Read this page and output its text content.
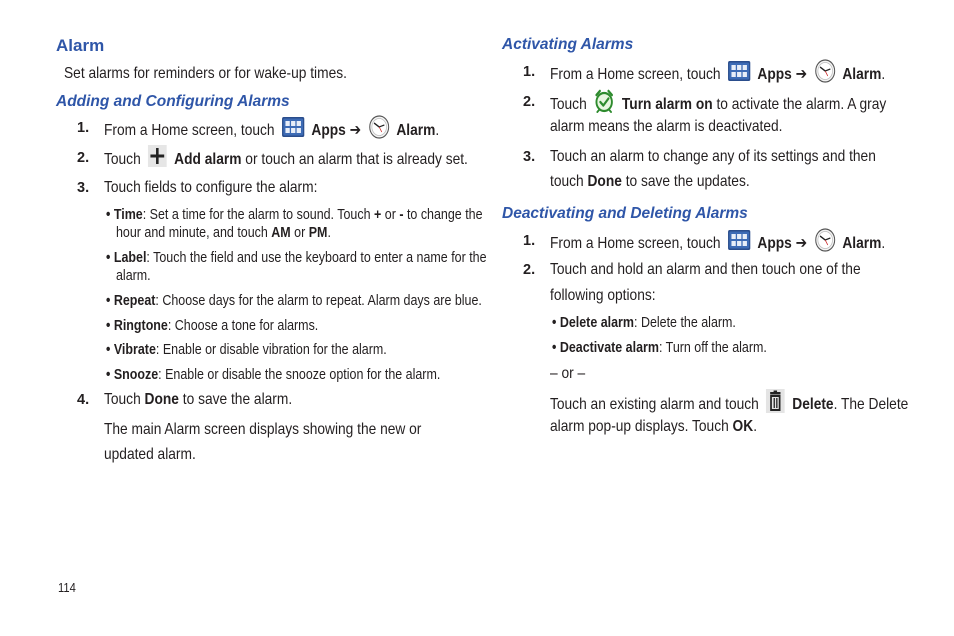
Alarm
Set alarms for reminders or for wake-up times.
Adding and Configuring Alarms
1. From a Home screen, touch Apps ➔ Alarm.
2. Touch Add alarm or touch an alarm that is already set.
3. Touch fields to configure the alarm:
• Time: Set a time for the alarm to sound. Touch + or - to change the
hour and minute, and touch AM or PM.
• Label: Touch the field and use the keyboard to enter a name for the
alarm.
• Repeat: Choose days for the alarm to repeat. Alarm days are blue.
• Ringtone: Choose a tone for alarms.
• Vibrate: Enable or disable vibration for the alarm.
• Snooze: Enable or disable the snooze option for the alarm.
4. Touch Done to save the alarm.
The main Alarm screen displays showing the new or
updated alarm.
Activating Alarms
1. From a Home screen, touch Apps ➔ Alarm.
2. Touch Turn alarm on to activate the alarm. A gray
alarm means the alarm is deactivated.
3. Touch an alarm to change any of its settings and then
touch Done to save the updates.
Deactivating and Deleting Alarms
1. From a Home screen, touch Apps ➔ Alarm.
2. Touch and hold an alarm and then touch one of the
following options:
• Delete alarm: Delete the alarm.
• Deactivate alarm: Turn off the alarm.
– or –
Touch an existing alarm and touch Delete. The Delete
alarm pop-up displays. Touch OK.
114
